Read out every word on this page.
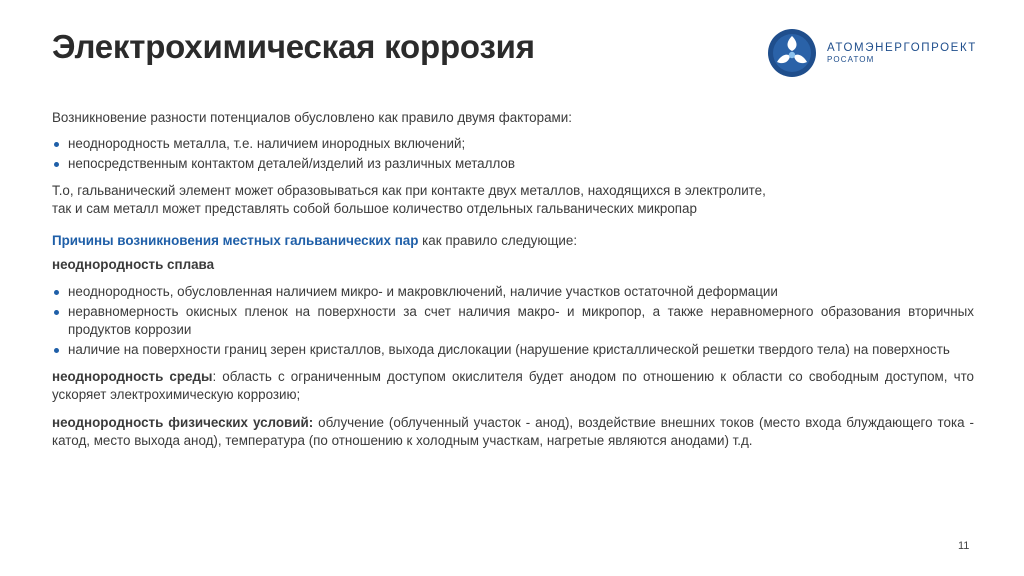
Электрохимическая коррозия	АТОМЭНЕРГОПРОЕКТ
РОСАТОМ
Возникновение разности потенциалов обусловлено как правило двумя факторами:
неоднородность металла, т.е. наличием инородных включений;
непосредственным контактом деталей/изделий из различных металлов
Т.о, гальванический элемент может образовываться как при контакте двух металлов, находящихся в электролите,
так и сам металл может представлять собой большое количество отдельных гальванических микропар
Причины возникновения местных гальванических пар как правило следующие:
неоднородность сплава
неоднородность, обусловленная наличием микро- и макровключений, наличие участков остаточной деформации
неравномерность окисных пленок на поверхности за счет наличия макро- и микропор, а также неравномерного образования вторичных продуктов коррозии
наличие на поверхности границ зерен кристаллов, выхода дислокации (нарушение кристаллической решетки твердого тела) на поверхность
неоднородность среды: область с ограниченным доступом окислителя будет анодом по отношению к области со свободным доступом, что ускоряет электрохимическую коррозию;
неоднородность физических условий: облучение (облученный участок - анод), воздействие внешних токов (место входа блуждающего тока - катод, место выхода анод), температура (по отношению к холодным участкам, нагретые являются анодами) т.д.
11
